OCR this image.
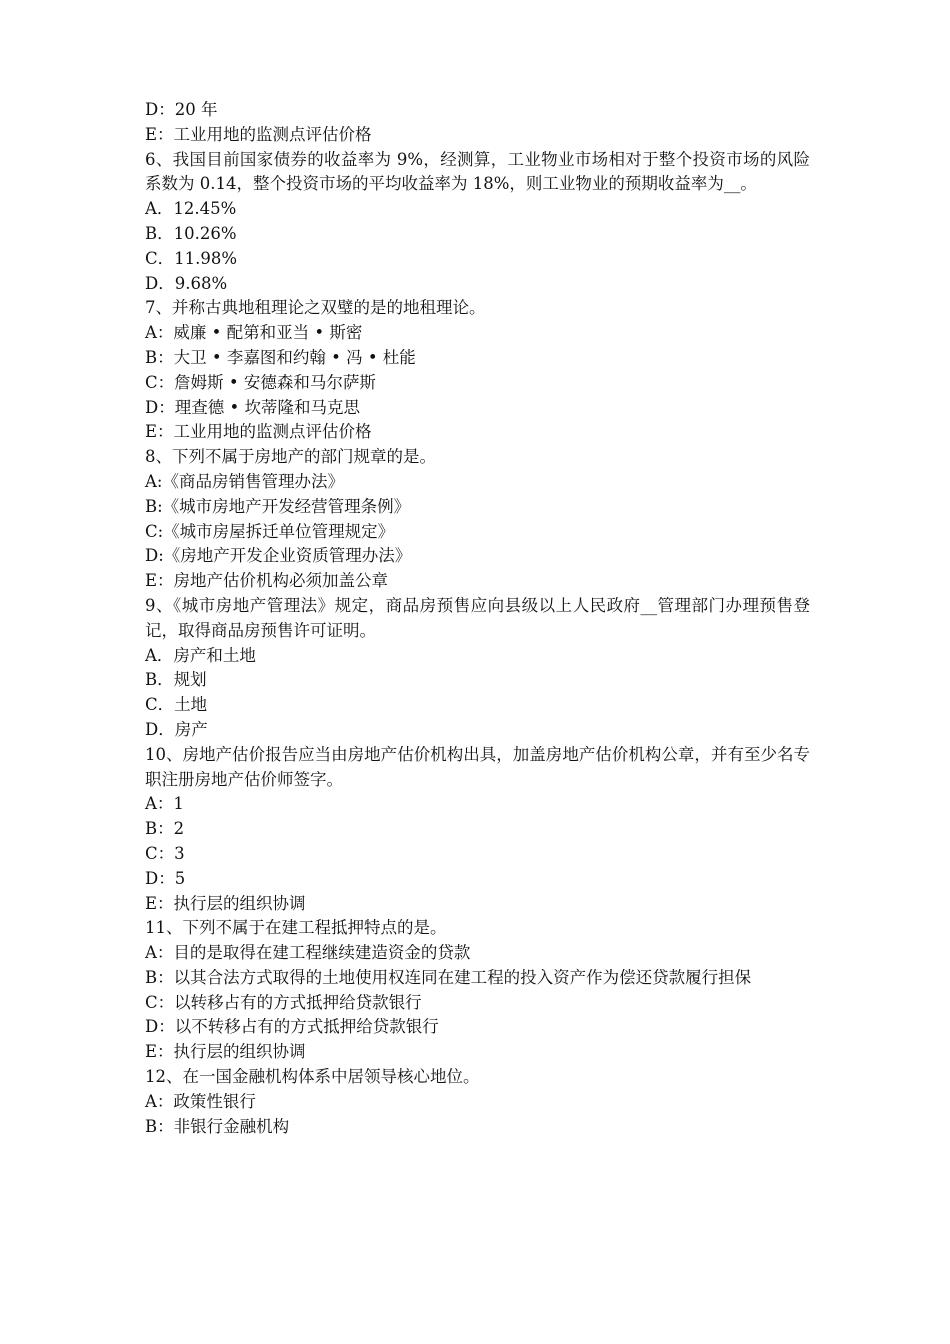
D：20 年
E：工业用地的监测点评估价格
6、我国目前国家债券的收益率为 9%，经测算，工业物业市场相对于整个投资市场的风险系数为 0.14，整个投资市场的平均收益率为 18%，则工业物业的预期收益率为__。
A．12.45%
B．10.26%
C．11.98%
D．9.68%
7、并称古典地租理论之双璧的是的地租理论。
A：威廉 • 配第和亚当 • 斯密
B：大卫 • 李嘉图和约翰 • 冯 • 杜能
C：詹姆斯 • 安德森和马尔萨斯
D：理查德 • 坎蒂隆和马克思
E：工业用地的监测点评估价格
8、下列不属于房地产的部门规章的是。
A:《商品房销售管理办法》
B:《城市房地产开发经营管理条例》
C:《城市房屋拆迁单位管理规定》
D:《房地产开发企业资质管理办法》
E：房地产估价机构必须加盖公章
9、《城市房地产管理法》规定，商品房预售应向县级以上人民政府__管理部门办理预售登记，取得商品房预售许可证明。
A．房产和土地
B．规划
C．土地
D．房产
10、房地产估价报告应当由房地产估价机构出具，加盖房地产估价机构公章，并有至少名专职注册房地产估价师签字。
A：1
B：2
C：3
D：5
E：执行层的组织协调
11、下列不属于在建工程抵押特点的是。
A：目的是取得在建工程继续建造资金的贷款
B：以其合法方式取得的土地使用权连同在建工程的投入资产作为偿还贷款履行担保
C：以转移占有的方式抵押给贷款银行
D：以不转移占有的方式抵押给贷款银行
E：执行层的组织协调
12、在一国金融机构体系中居领导核心地位。
A：政策性银行
B：非银行金融机构
